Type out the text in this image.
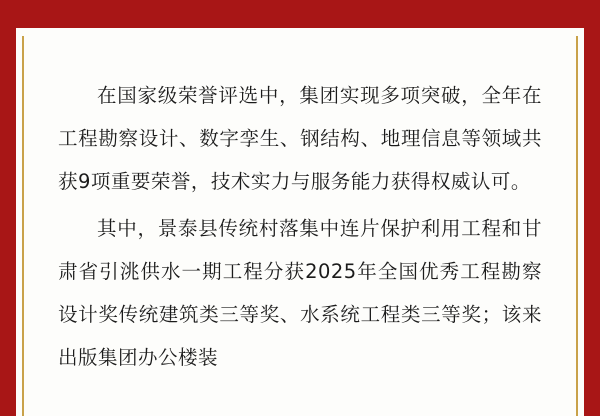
在国家级荣誉评选中，集团实现多项突破，全年在工程勘察设计、数字孪生、钢结构、地理信息等领域共获9项重要荣誉，技术实力与服务能力获得权威认可。

其中，景泰县传统村落集中连片保护利用工程和甘肃省引洮供水一期工程分获2025年全国优秀工程勘察设计奖传统建筑类三等奖、水系统工程类三等奖；该来出版集团办公楼装
